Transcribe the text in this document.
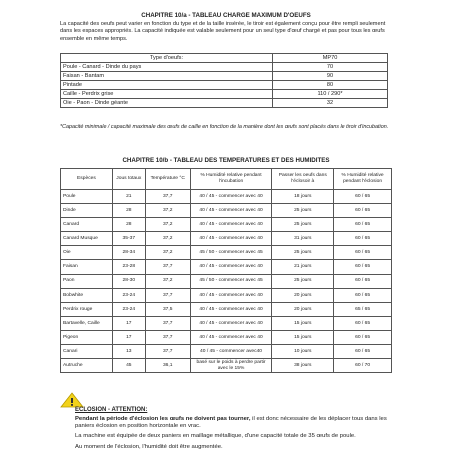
CHAPITRE 10/a - TABLEAU CHARGE MAXIMUM D'OEUFS
La capacité des oeufs peut varier en fonction du type et de la taille insérée, le tiroir est également conçu pour être rempli seulement dans les espaces appropriés. La capacité indiquée est valable seulement pour un seul type d'œuf chargé et pas pour tous les œufs ensemble en même temps.
Type d'oeufs:	MP70
Poule - Canard - Dinde du pays	70
Faisan - Bantam	90
Pintade	80
Caille - Perdrix grise	110 / 290*
Oie - Paon - Dinde géante	32
*Capacité minimale / capacité maximale des œufs de caille en fonction de la manière dont les œufs sont placés dans le tiroir d'incubation.
CHAPITRE 10/b - TABLEAU DES TEMPERATURES ET DES HUMIDITES
Espèces	Jous totaux	Température °C	% Humidité relative pendant l'incubation	Passer les oeufs dans l'éclosoir à	% Humidité relative pendant l'éclosion
Poule	21	37,7	40 / 45 - commencer avec 40	18 jours	60 / 65
Dinde	28	37,2	40 / 45 - commencer avec 40	25 jours	60 / 65
Canard	28	37,2	40 / 45 - commencer avec 40	25 jours	60 / 65
Canard Musque	35-37	37,2	40 / 45 - commencer avec 40	31 jours	60 / 65
Oie	28-34	37,2	45 / 50 - commencer avec 45	25 jours	60 / 65
Faisan	23-28	37,7	40 / 45 - commencer avec 40	21 jours	60 / 65
Paon	28-30	37,2	45 / 50 - commencer avec 45	25 jours	60 / 65
Bobwhite	23-24	37,7	40 / 45 - commencer avec 40	20 jours	60 / 65
Perdrix rouge	23-24	37,5	40 / 45 - commencer avec 40	20 jours	65 / 65
Bartavelle, Caille	17	37,7	40 / 45 - commencer avec 40	15 jours	60 / 65
Pigeon	17	37,7	40 / 45 - commencer avec 40	15 jours	60 / 65
Canari	13	37,7	40 / 45 - commencer avec40	10 jours	60 / 65
Autruche	45	36,1	basé sur le poids à perdre partir avec le 15%	38 jours	60 / 70
ECLOSION - ATTENTION:

Pendant la période d'éclosion les œufs ne doivent pas tourner, il est donc nécessaire de les déplacer tous dans les paniers éclosion en position horizontale en vrac.

La machine est équipée de deux paniers en maillage métallique, d'une capacité totale de 35 œufs de poule.

Au moment de l'éclosion, l'humidité doit être augmentée.
